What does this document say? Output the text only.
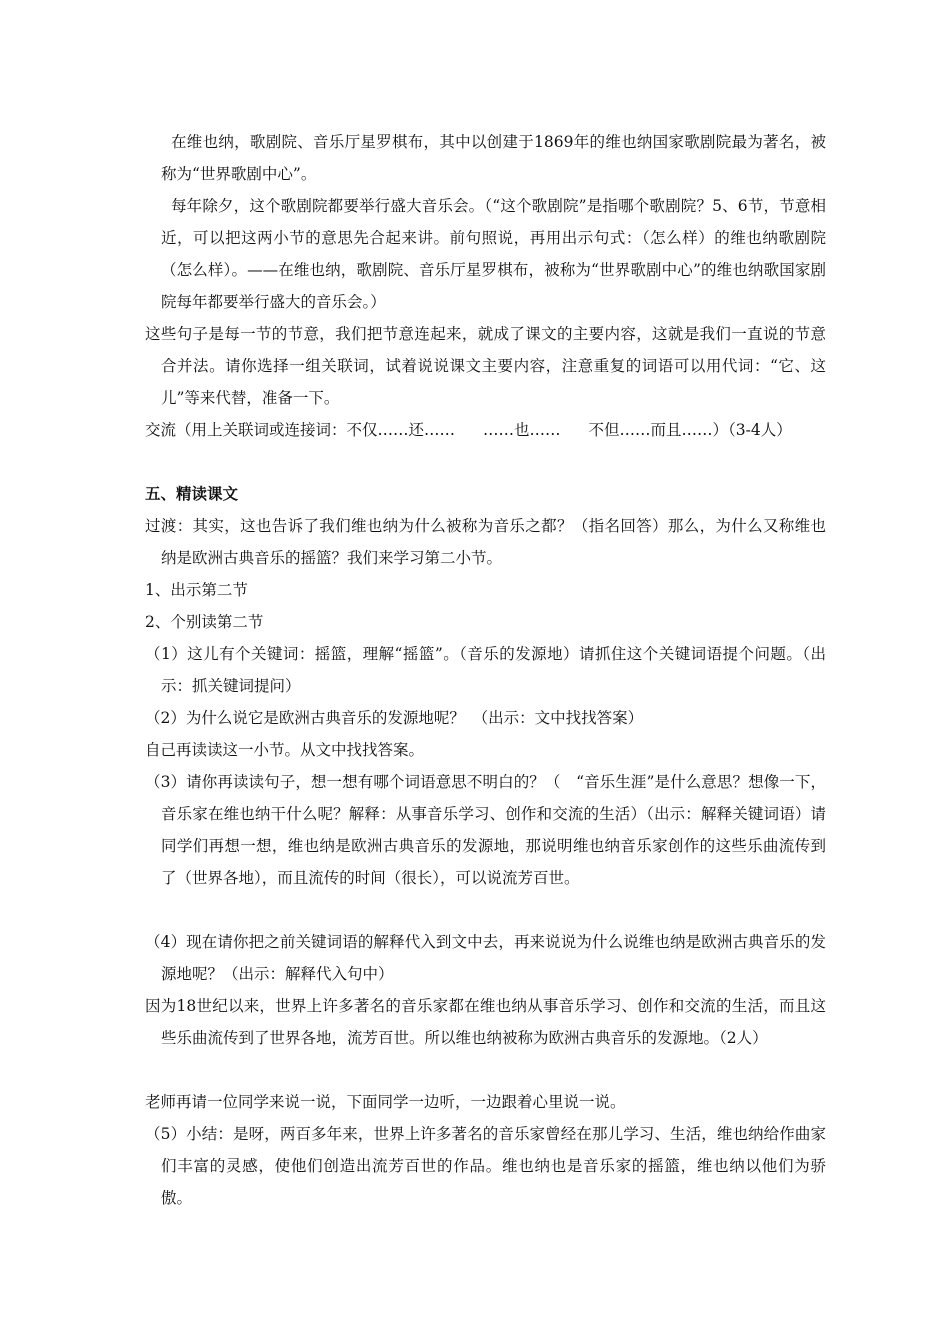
在维也纳，歌剧院、音乐厅星罗棋布，其中以创建于1869年的维也纳国家歌剧院最为著名，被称为“世界歌剧中心”。

每年除夕，这个歌剧院都要举行盛大音乐会。（“这个歌剧院”是指哪个歌剧院？5、6节，节意相近，可以把这两小节的意思先合起来讲。前句照说，再用出示句式：（怎么样）的维也纳歌剧院（怎么样）。——在维也纳，歌剧院、音乐厅星罗棋布，被称为“世界歌剧中心”的维也纳歌国家剧院每年都要举行盛大的音乐会。）

这些句子是每一节的节意，我们把节意连起来，就成了课文的主要内容，这就是我们一直说的节意合并法。请你选择一组关联词，试着说说课文主要内容，注意重复的词语可以用代词：“它、这儿”等来代替，准备一下。

交流（用上关联词或连接词：不仅……还…… ……也…… 不但……而且……）（3-4人）

五、精读课文

过渡：其实，这也告诉了我们维也纳为什么被称为音乐之都？（指名回答）那么，为什么又称维也纳是欧洲古典音乐的摇篮？我们来学习第二小节。

1、出示第二节

2、个别读第二节

（1）这儿有个关键词：摇篮，理解“摇篮”。（音乐的发源地）请抓住这个关键词语提个问题。（出示：抓关键词提问）

（2）为什么说它是欧洲古典音乐的发源地呢？　（出示：文中找找答案）

自己再读读这一小节。从文中找找答案。

（3）请你再读读句子，想一想有哪个词语意思不明白的？（　“音乐生涯”是什么意思？想像一下，音乐家在维也纳干什么呢？解释：从事音乐学习、创作和交流的生活）（出示：解释关键词语）请同学们再想一想，维也纳是欧洲古典音乐的发源地，那说明维也纳音乐家创作的这些乐曲流传到了（世界各地），而且流传的时间（很长），可以说流芳百世。

（4）现在请你把之前关键词语的解释代入到文中去，再来说说为什么说维也纳是欧洲古典音乐的发源地呢？（出示：解释代入句中）

因为18世纪以来，世界上许多著名的音乐家都在维也纳从事音乐学习、创作和交流的生活，而且这些乐曲流传到了世界各地，流芳百世。所以维也纳被称为欧洲古典音乐的发源地。（2人）

老师再请一位同学来说一说，下面同学一边听，一边跟着心里说一说。

（5）小结：是呀，两百多年来，世界上许多著名的音乐家曾经在那儿学习、生活，维也纳给作曲家们丰富的灵感，使他们创造出流芳百世的作品。维也纳也是音乐家的摇篮，维也纳以他们为骄傲。
